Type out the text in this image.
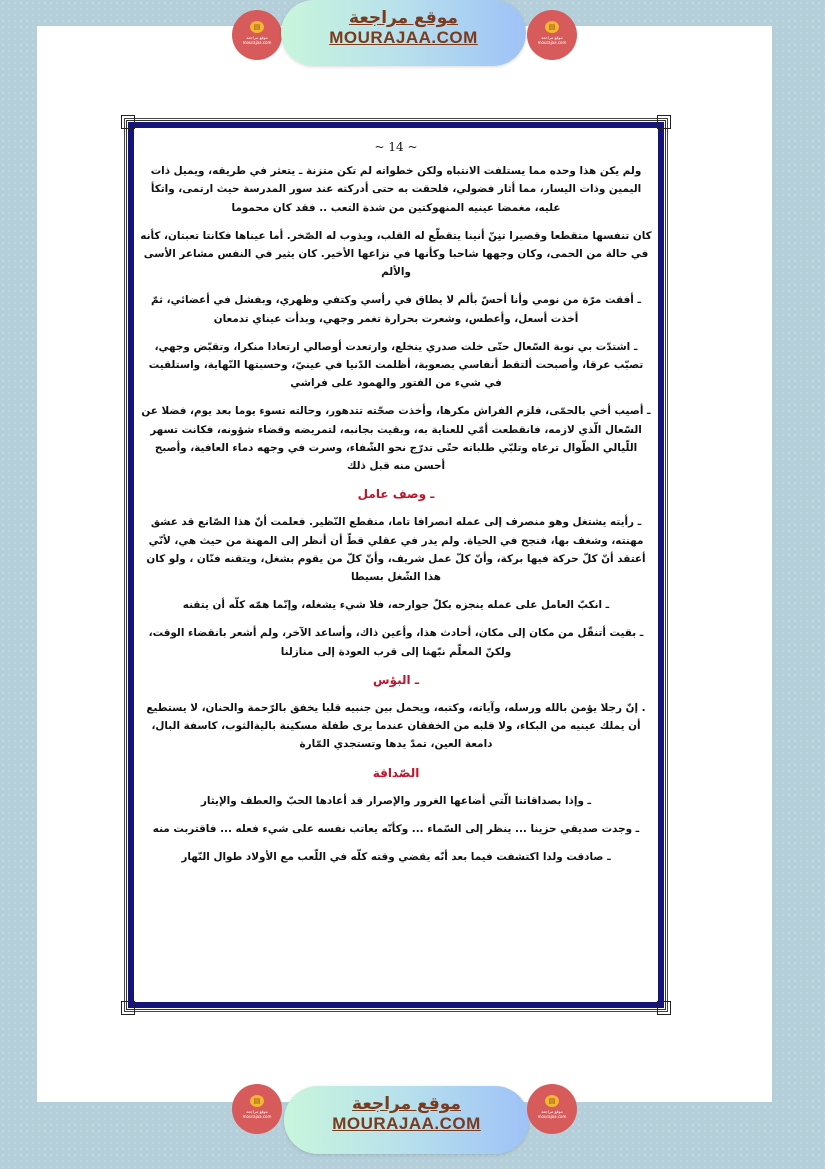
▤
موقع مراجعة
mourajaa.com
موقع مراجعة
MOURAJAA.COM
▤
موقع مراجعة
mourajaa.com
~ 14 ~
ولم يكن هذا وحده مما يستلفت الانتباه ولكن خطواته لم تكن متزنة ـ يتعثر في طريقه، ويميل ذات اليمين وذات اليسار، مما أثار فضولي، فلحقت به حتى أدركته عند سور المدرسة حيث ارتمى، واتكأ عليه، مغمضا عينيه المنهوكتين من شدة التعب .. فقد كان محموما
كان تنفسها متقطعا وقصيرا تنِنّ أنينا يتقطّع له القلب، ويذوب له الصّخر. أما عيناها فكانتا تعبتان، كأنه في حالة من الحمى، وكان وجهها شاحبا وكأنها في نزاعها الأخير. كان يثير في النفس مشاعر الأسى والألم
ـ أفقت مرّة من نومي وأنا أحسّ بألم لا يطاق في رأسي وكتفي وظهري، وبفشل في أعضائي، ثمّ أخذت أسعل، وأعطس، وشعرت بحرارة تغمر وجهي، وبدأت عيناي تدمعان
ـ اشتدّت بي نوبة السّعال حتّى خلت صدري ينخلع، وارتعدت أوصالي ارتعادا منكرا، وتقبّض وجهي، تصبّب عرقا، وأصبحت ألتقط أنفاسي بصعوبة، أظلمت الدّنيا في عينيّ، وحسبتها النّهاية، واستلقيت في شيء من الفتور والهمود على فراشي
ـ أصيب أخي بالحمّى، فلزم الفراش مكرها، وأخذت صحّته تتدهور، وحالته تسوء يوما بعد يوم، فضلا عن السّعال الّذي لازمه، فانقطعت أمّي للعناية به، وبقيت بجانبه، لتمريضه وقضاء شؤونه، فكانت تسهر اللّيالي الطّوال ترعاه وتلبّي طلباته حتّى تدرّج نحو الشّفاء، وسرت في وجهه دماء العافية، وأصبح أحسن منه قبل ذلك
ـ وصف عامل
ـ رأيته يشتغل وهو منصرف إلى عمله انصرافا تاما، منقطع النّظير. فعلمت أنّ هذا الصّانع قد عشق مهنته، وشغف بها، فنجح في الحياة. ولم يدر في عقلي قطّ أن أنظر إلى المهنة من حيث هي، لأنّي أعتقد أنّ كلّ حركة فيها بركة، وأنّ كلّ عمل شريف، وأنّ كلّ من يقوم بشغل، ويتقنه فنّان ، ولو كان هذا الشّغل بسيطا
ـ انكبّ العامل على عمله ينجزه بكلّ جوارحه، فلا شيء يشغله، وإنّما همّه كلّه أن يتقنه
ـ بقيت أتنقّل من مكان إلى مكان، أحادث هذا، وأعين ذاك، وأساعد الآخر، ولم أشعر بانقضاء الوقت، ولكنّ المعلّم نبّهنا إلى قرب العودة إلى منازلنا
ـ البؤس
. إنّ رجلا يؤمن بالله ورسله، وآياته، وكتبه، ويحمل بين جنبيه قلبا يخفق بالرّحمة والحنان، لا يستطيع أن يملك عينيه من البكاء، ولا قلبه من الخفقان عندما يرى طفلة مسكينة باليةالثوب، كاسفة البال، دامعة العين، تمدّ يدها وتستجدي المّارة
الصّداقة
ـ وإذا بصداقاتنا الّتي أضاعها الغرور والإصرار قد أعادها الحبّ والعطف والإيثار
ـ وجدت صديقي حزينا ... ينظر إلى السّماء ... وكأنّه يعاتب نفسه على شيء فعله ... فاقتربت منه
ـ صادقت ولدا اكتشفت فيما بعد أنّه يقضي وقته كلّه في اللّعب مع الأولاد طوال النّهار
▤
موقع مراجعة
mourajaa.com
موقع مراجعة
MOURAJAA.COM
▤
موقع مراجعة
mourajaa.com
